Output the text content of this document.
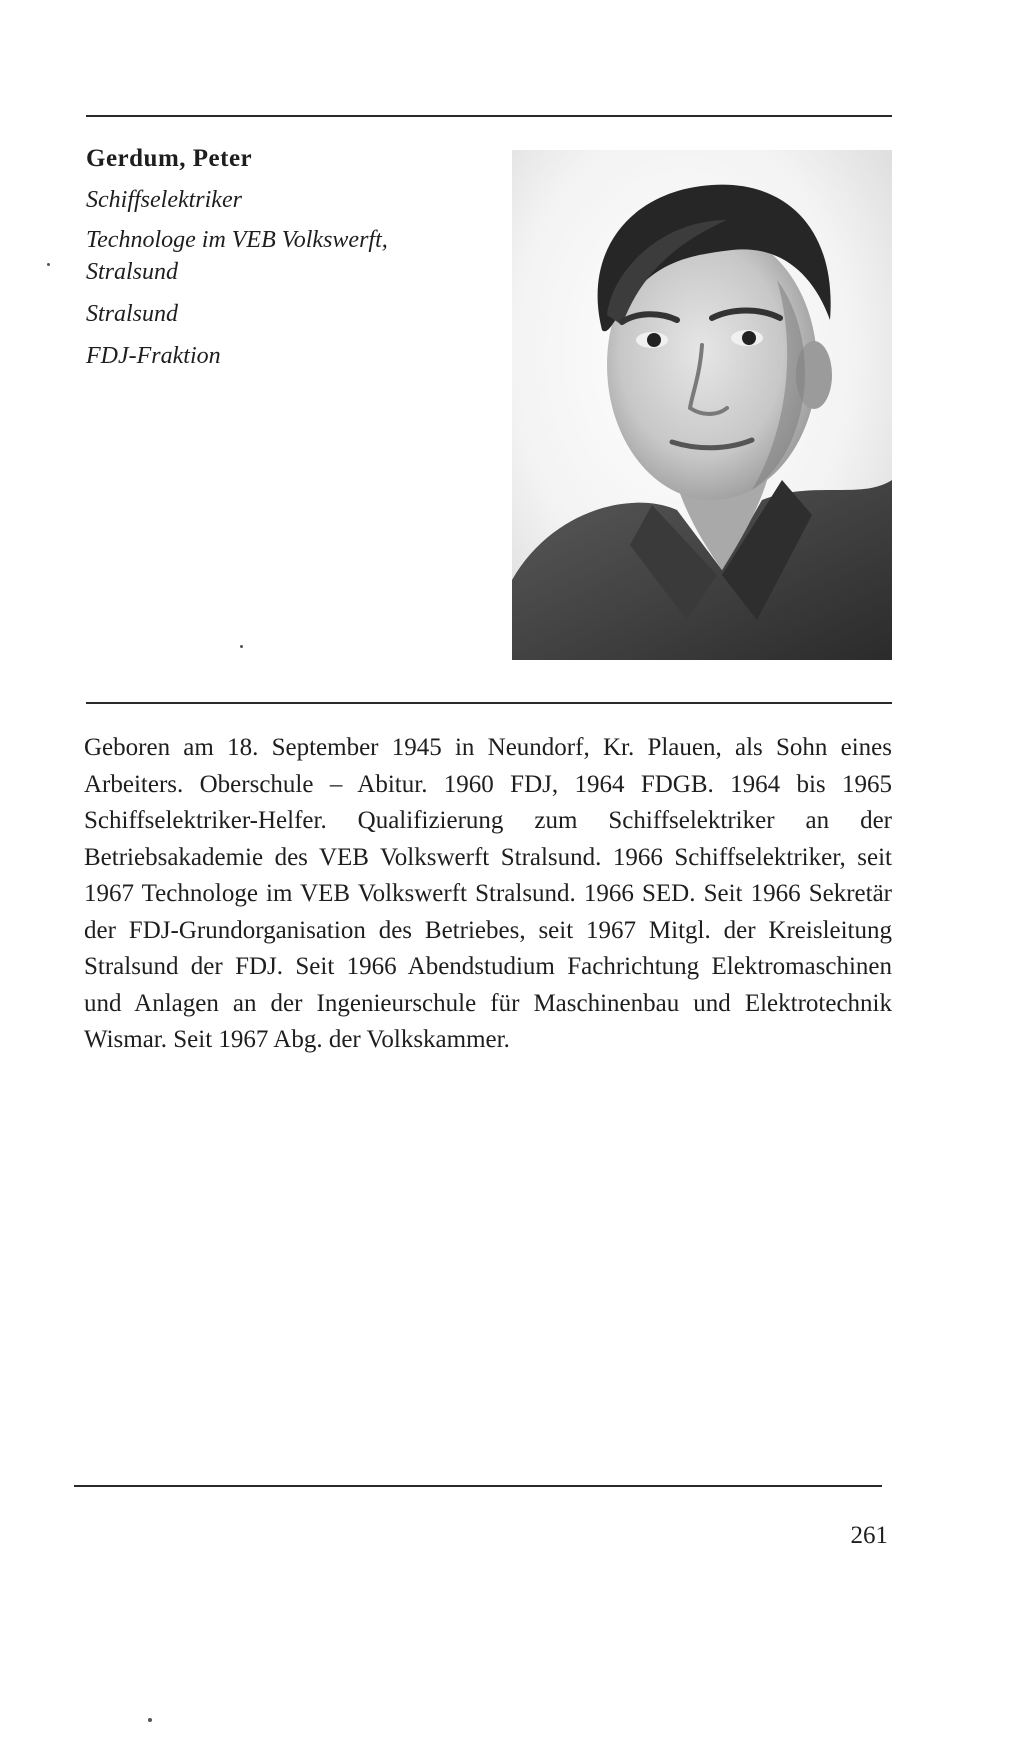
Gerdum, Peter
Schiffselektriker
Technologe im VEB Volkswerft,
Stralsund
Stralsund
FDJ-Fraktion

Geboren am 18. September 1945 in Neundorf, Kr. Plauen, als Sohn eines Arbeiters. Oberschule – Abitur. 1960 FDJ, 1964 FDGB. 1964 bis 1965 Schiffselektriker-Helfer. Qualifizierung zum Schiffselektriker an der Betriebsakademie des VEB Volkswerft Stralsund. 1966 Schiffselektriker, seit 1967 Technologe im VEB Volkswerft Stralsund. 1966 SED. Seit 1966 Sekretär der FDJ-Grundorganisation des Betriebes, seit 1967 Mitgl. der Kreisleitung Stralsund der FDJ. Seit 1966 Abendstudium Fachrichtung Elektromaschinen und Anlagen an der Ingenieurschule für Maschinenbau und Elektrotechnik Wismar. Seit 1967 Abg. der Volkskammer.

261
